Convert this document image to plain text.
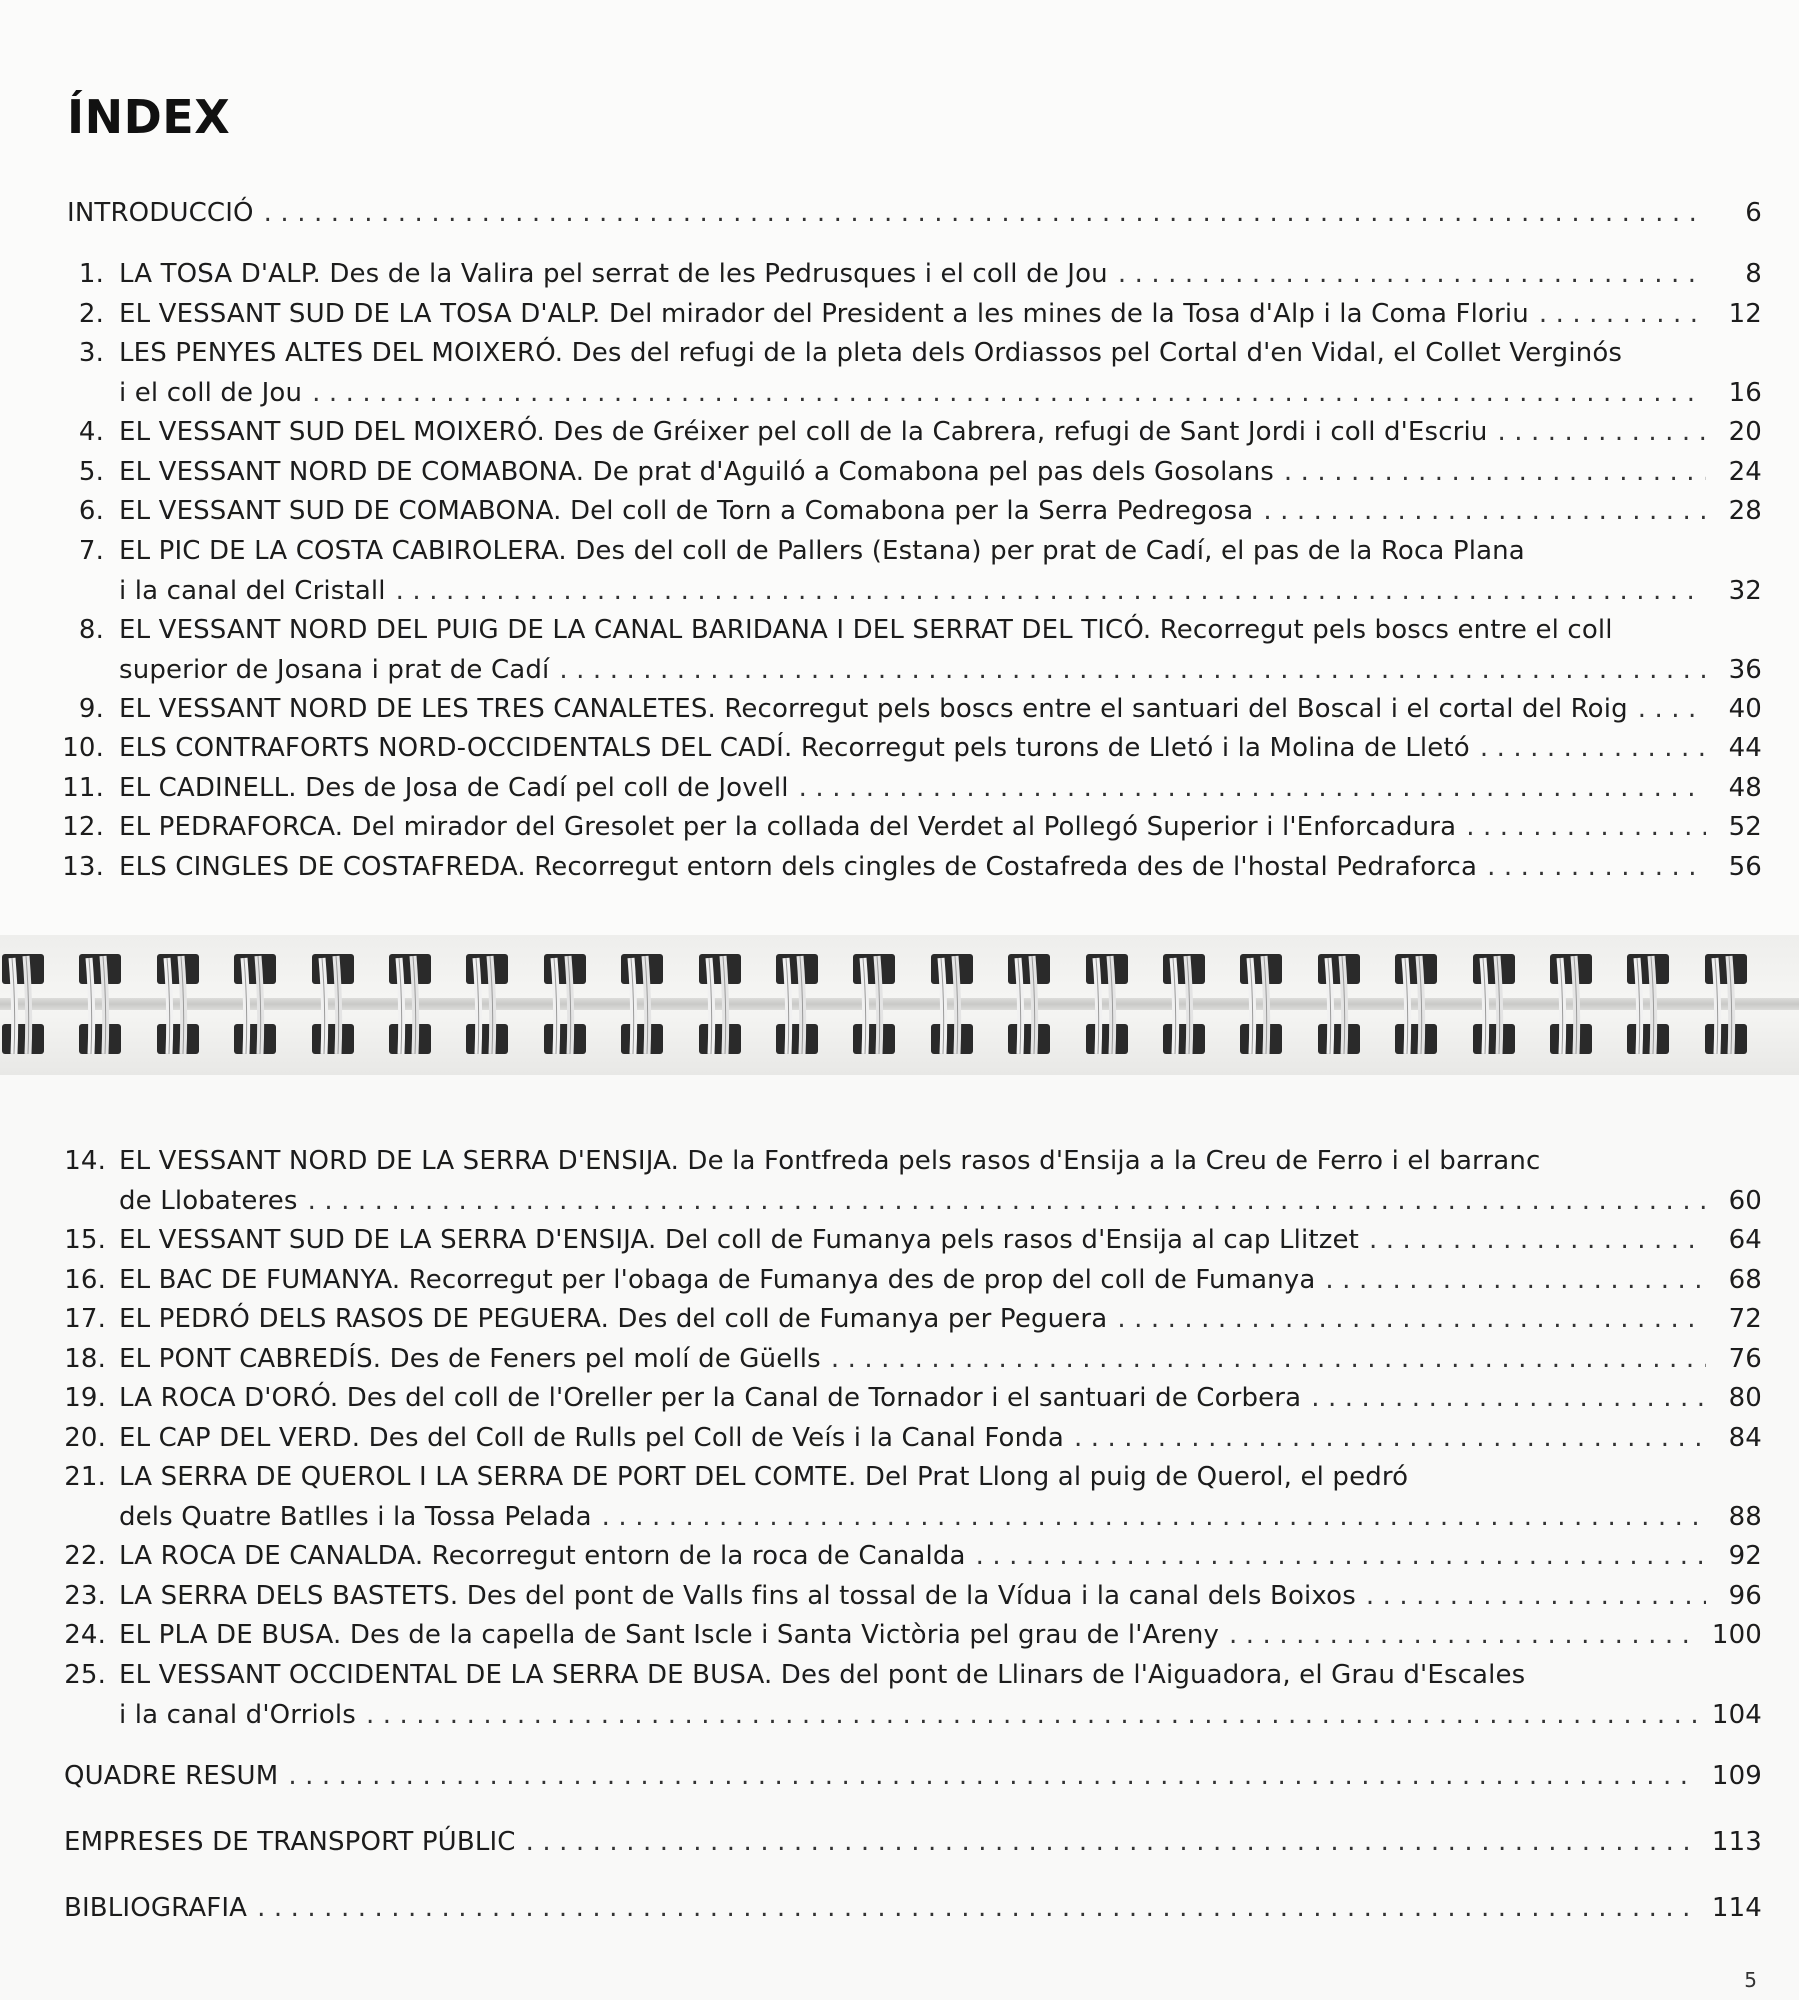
ÍNDEX
INTRODUCCIÓ .....	6
1. LA TOSA D'ALP. Des de la Valira pel serrat de les Pedrusques i el coll de Jou .....	8
2. EL VESSANT SUD DE LA TOSA D'ALP. Del mirador del President a les mines de la Tosa d'Alp i la Coma Floriu .....	12
3. LES PENYES ALTES DEL MOIXERÓ. Des del refugi de la pleta dels Ordiassos pel Cortal d'en Vidal, el Collet Verginós
i el coll de Jou .....	16
4. EL VESSANT SUD DEL MOIXERÓ. Des de Gréixer pel coll de la Cabrera, refugi de Sant Jordi i coll d'Escriu .....	20
5. EL VESSANT NORD DE COMABONA. De prat d'Aguiló a Comabona pel pas dels Gosolans .....	24
6. EL VESSANT SUD DE COMABONA. Del coll de Torn a Comabona per la Serra Pedregosa .....	28
7. EL PIC DE LA COSTA CABIROLERA. Des del coll de Pallers (Estana) per prat de Cadí, el pas de la Roca Plana
i la canal del Cristall .....	32
8. EL VESSANT NORD DEL PUIG DE LA CANAL BARIDANA I DEL SERRAT DEL TICÓ. Recorregut pels boscs entre el coll
superior de Josana i prat de Cadí .....	36
9. EL VESSANT NORD DE LES TRES CANALETES. Recorregut pels boscs entre el santuari del Boscal i el cortal del Roig .....	40
10. ELS CONTRAFORTS NORD-OCCIDENTALS DEL CADÍ. Recorregut pels turons de Lletó i la Molina de Lletó .....	44
11. EL CADINELL. Des de Josa de Cadí pel coll de Jovell .....	48
12. EL PEDRAFORCA. Del mirador del Gresolet per la collada del Verdet al Pollegó Superior i l'Enforcadura .....	52
13. ELS CINGLES DE COSTAFREDA. Recorregut entorn dels cingles de Costafreda des de l'hostal Pedraforca .....	56
14. EL VESSANT NORD DE LA SERRA D'ENSIJA. De la Fontfreda pels rasos d'Ensija a la Creu de Ferro i el barranc
de Llobateres .....	60
15. EL VESSANT SUD DE LA SERRA D'ENSIJA. Del coll de Fumanya pels rasos d'Ensija al cap Llitzet .....	64
16. EL BAC DE FUMANYA. Recorregut per l'obaga de Fumanya des de prop del coll de Fumanya .....	68
17. EL PEDRÓ DELS RASOS DE PEGUERA. Des del coll de Fumanya per Peguera .....	72
18. EL PONT CABREDÍS. Des de Feners pel molí de Güells .....	76
19. LA ROCA D'ORÓ. Des del coll de l'Oreller per la Canal de Tornador i el santuari de Corbera .....	80
20. EL CAP DEL VERD. Des del Coll de Rulls pel Coll de Veís i la Canal Fonda .....	84
21. LA SERRA DE QUEROL I LA SERRA DE PORT DEL COMTE. Del Prat Llong al puig de Querol, el pedró
dels Quatre Batlles i la Tossa Pelada .....	88
22. LA ROCA DE CANALDA. Recorregut entorn de la roca de Canalda .....	92
23. LA SERRA DELS BASTETS. Des del pont de Valls fins al tossal de la Vídua i la canal dels Boixos .....	96
24. EL PLA DE BUSA. Des de la capella de Sant Iscle i Santa Victòria pel grau de l'Areny .....	100
25. EL VESSANT OCCIDENTAL DE LA SERRA DE BUSA. Des del pont de Llinars de l'Aiguadora, el Grau d'Escales
i la canal d'Orriols .....	104
QUADRE RESUM .....	109
EMPRESES DE TRANSPORT PÚBLIC .....	113
BIBLIOGRAFIA .....	114
5
